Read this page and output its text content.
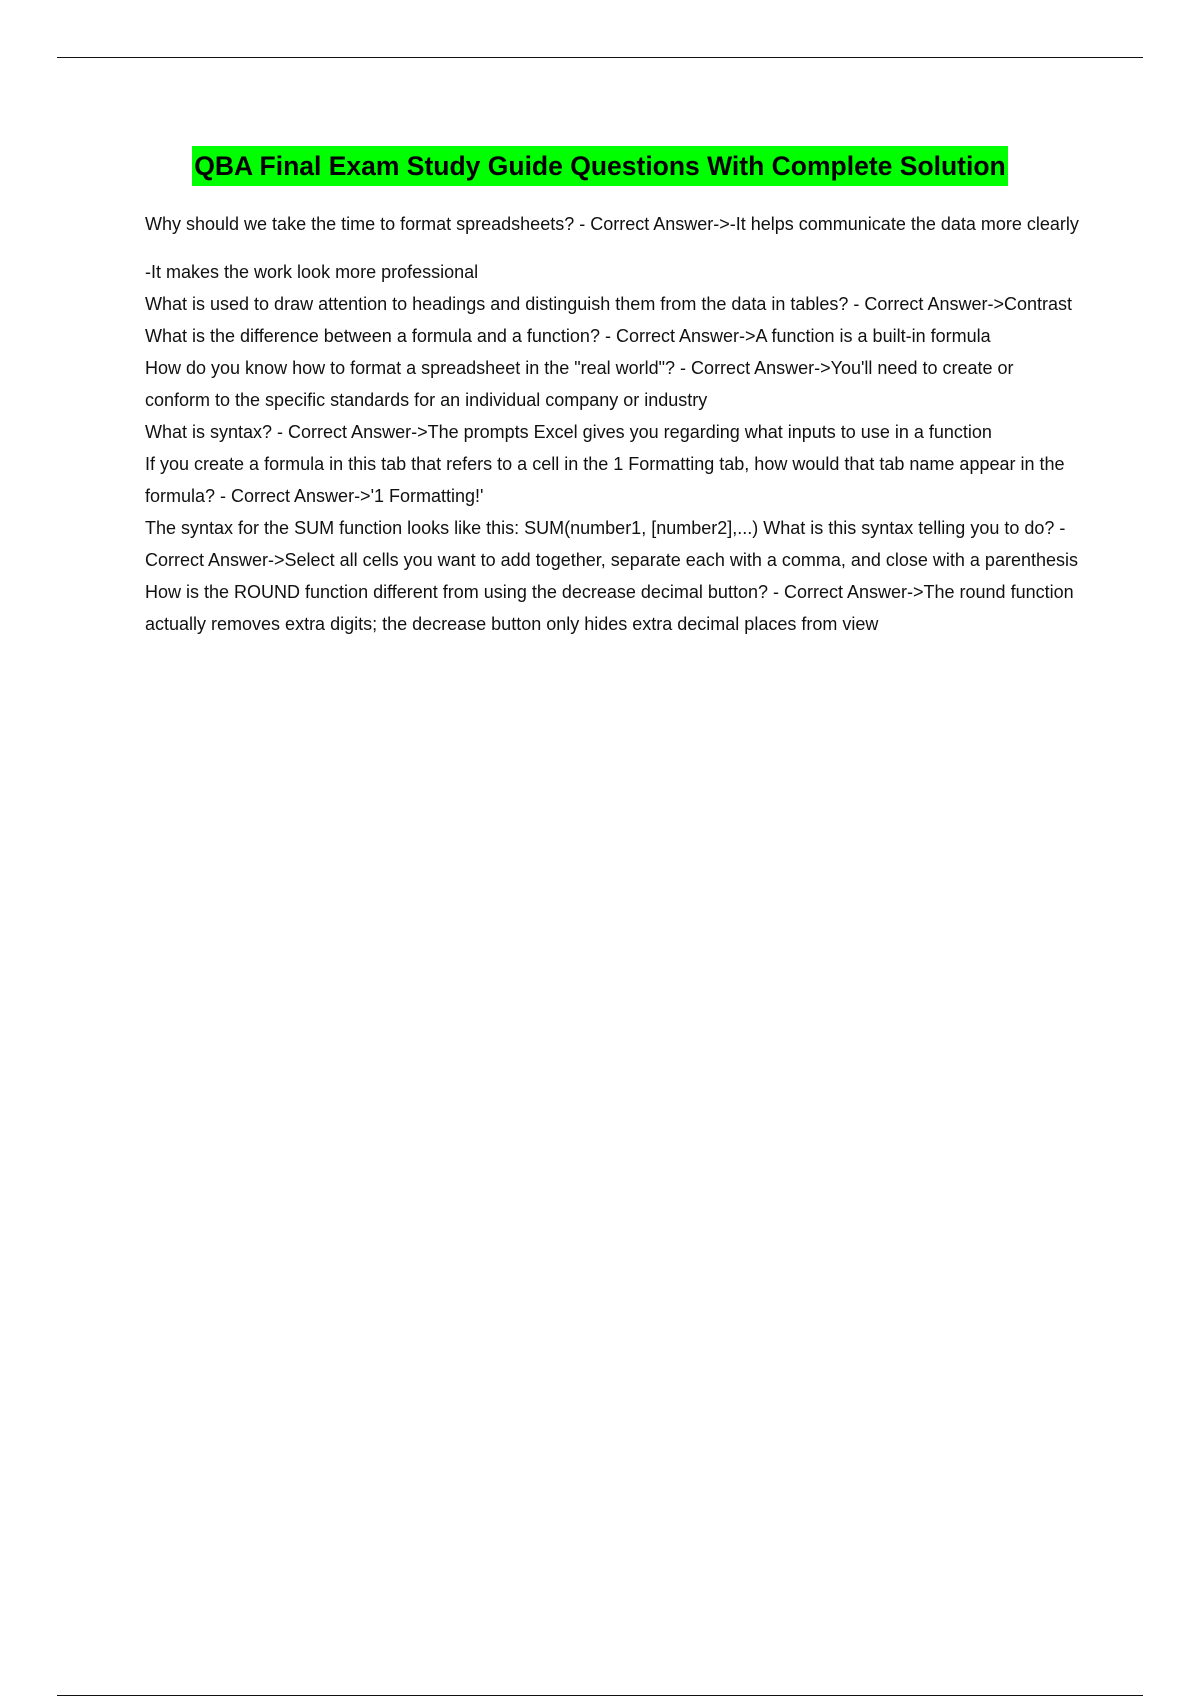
QBA Final Exam Study Guide Questions With Complete Solution

Why should we take the time to format spreadsheets? - Correct Answer->-It helps communicate the data more clearly

-It makes the work look more professional

What is used to draw attention to headings and distinguish them from the data in tables? - Correct Answer->Contrast

What is the difference between a formula and a function? - Correct Answer->A function is a built-in formula

How do you know how to format a spreadsheet in the "real world"? - Correct Answer->You'll need to create or conform to the specific standards for an individual company or industry

What is syntax? - Correct Answer->The prompts Excel gives you regarding what inputs to use in a function

If you create a formula in this tab that refers to a cell in the 1 Formatting tab, how would that tab name appear in the formula? - Correct Answer->'1 Formatting!'

The syntax for the SUM function looks like this: SUM(number1, [number2],...) What is this syntax telling you to do? - Correct Answer->Select all cells you want to add together, separate each with a comma, and close with a parenthesis

How is the ROUND function different from using the decrease decimal button? - Correct Answer->The round function actually removes extra digits; the decrease button only hides extra decimal places from view
